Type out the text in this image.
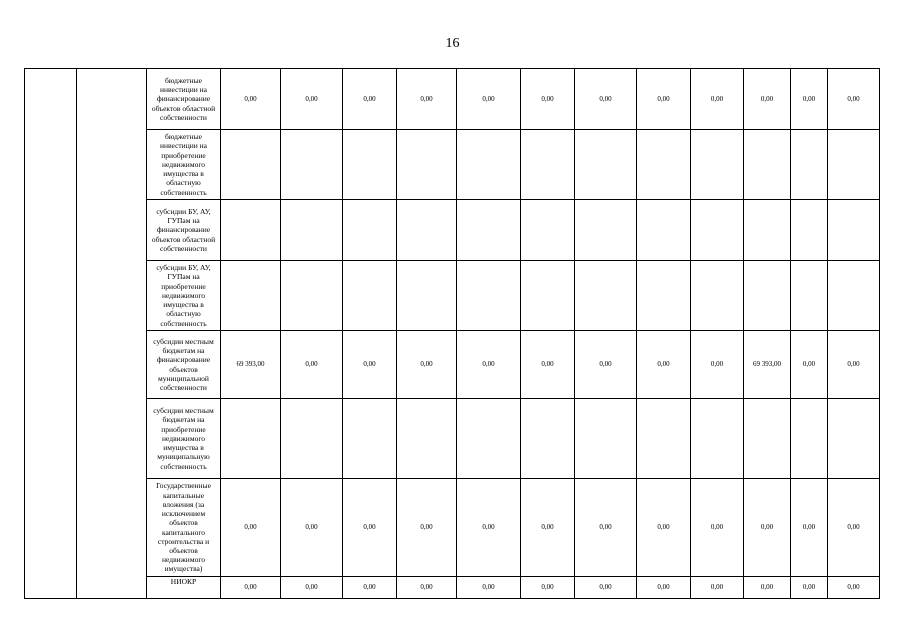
16
		бюджетные инвестиции на финансирование объектов областной собственности	0,00	0,00	0,00	0,00	0,00	0,00	0,00	0,00	0,00	0,00	0,00	0,00
		бюджетные инвестиции на приобретение недвижимого имущества в областную собственность												
		субсидии БУ, АУ, ГУПам на финансирование объектов областной собственности												
		субсидии БУ, АУ, ГУПам на приобретение недвижимого имущества в областную собственность												
		субсидии местным бюджетам на финансирование объектов муниципальной собственности	69 393,00	0,00	0,00	0,00	0,00	0,00	0,00	0,00	0,00	69 393,00	0,00	0,00
		субсидии местным бюджетам на приобретение недвижимого имущества в муниципальную собственность												
		Государственные капитальные вложения (за исключением объектов капитального строительства и объектов недвижимого имущества)	0,00	0,00	0,00	0,00	0,00	0,00	0,00	0,00	0,00	0,00	0,00	0,00
		НИОКР	0,00	0,00	0,00	0,00	0,00	0,00	0,00	0,00	0,00	0,00	0,00	0,00
